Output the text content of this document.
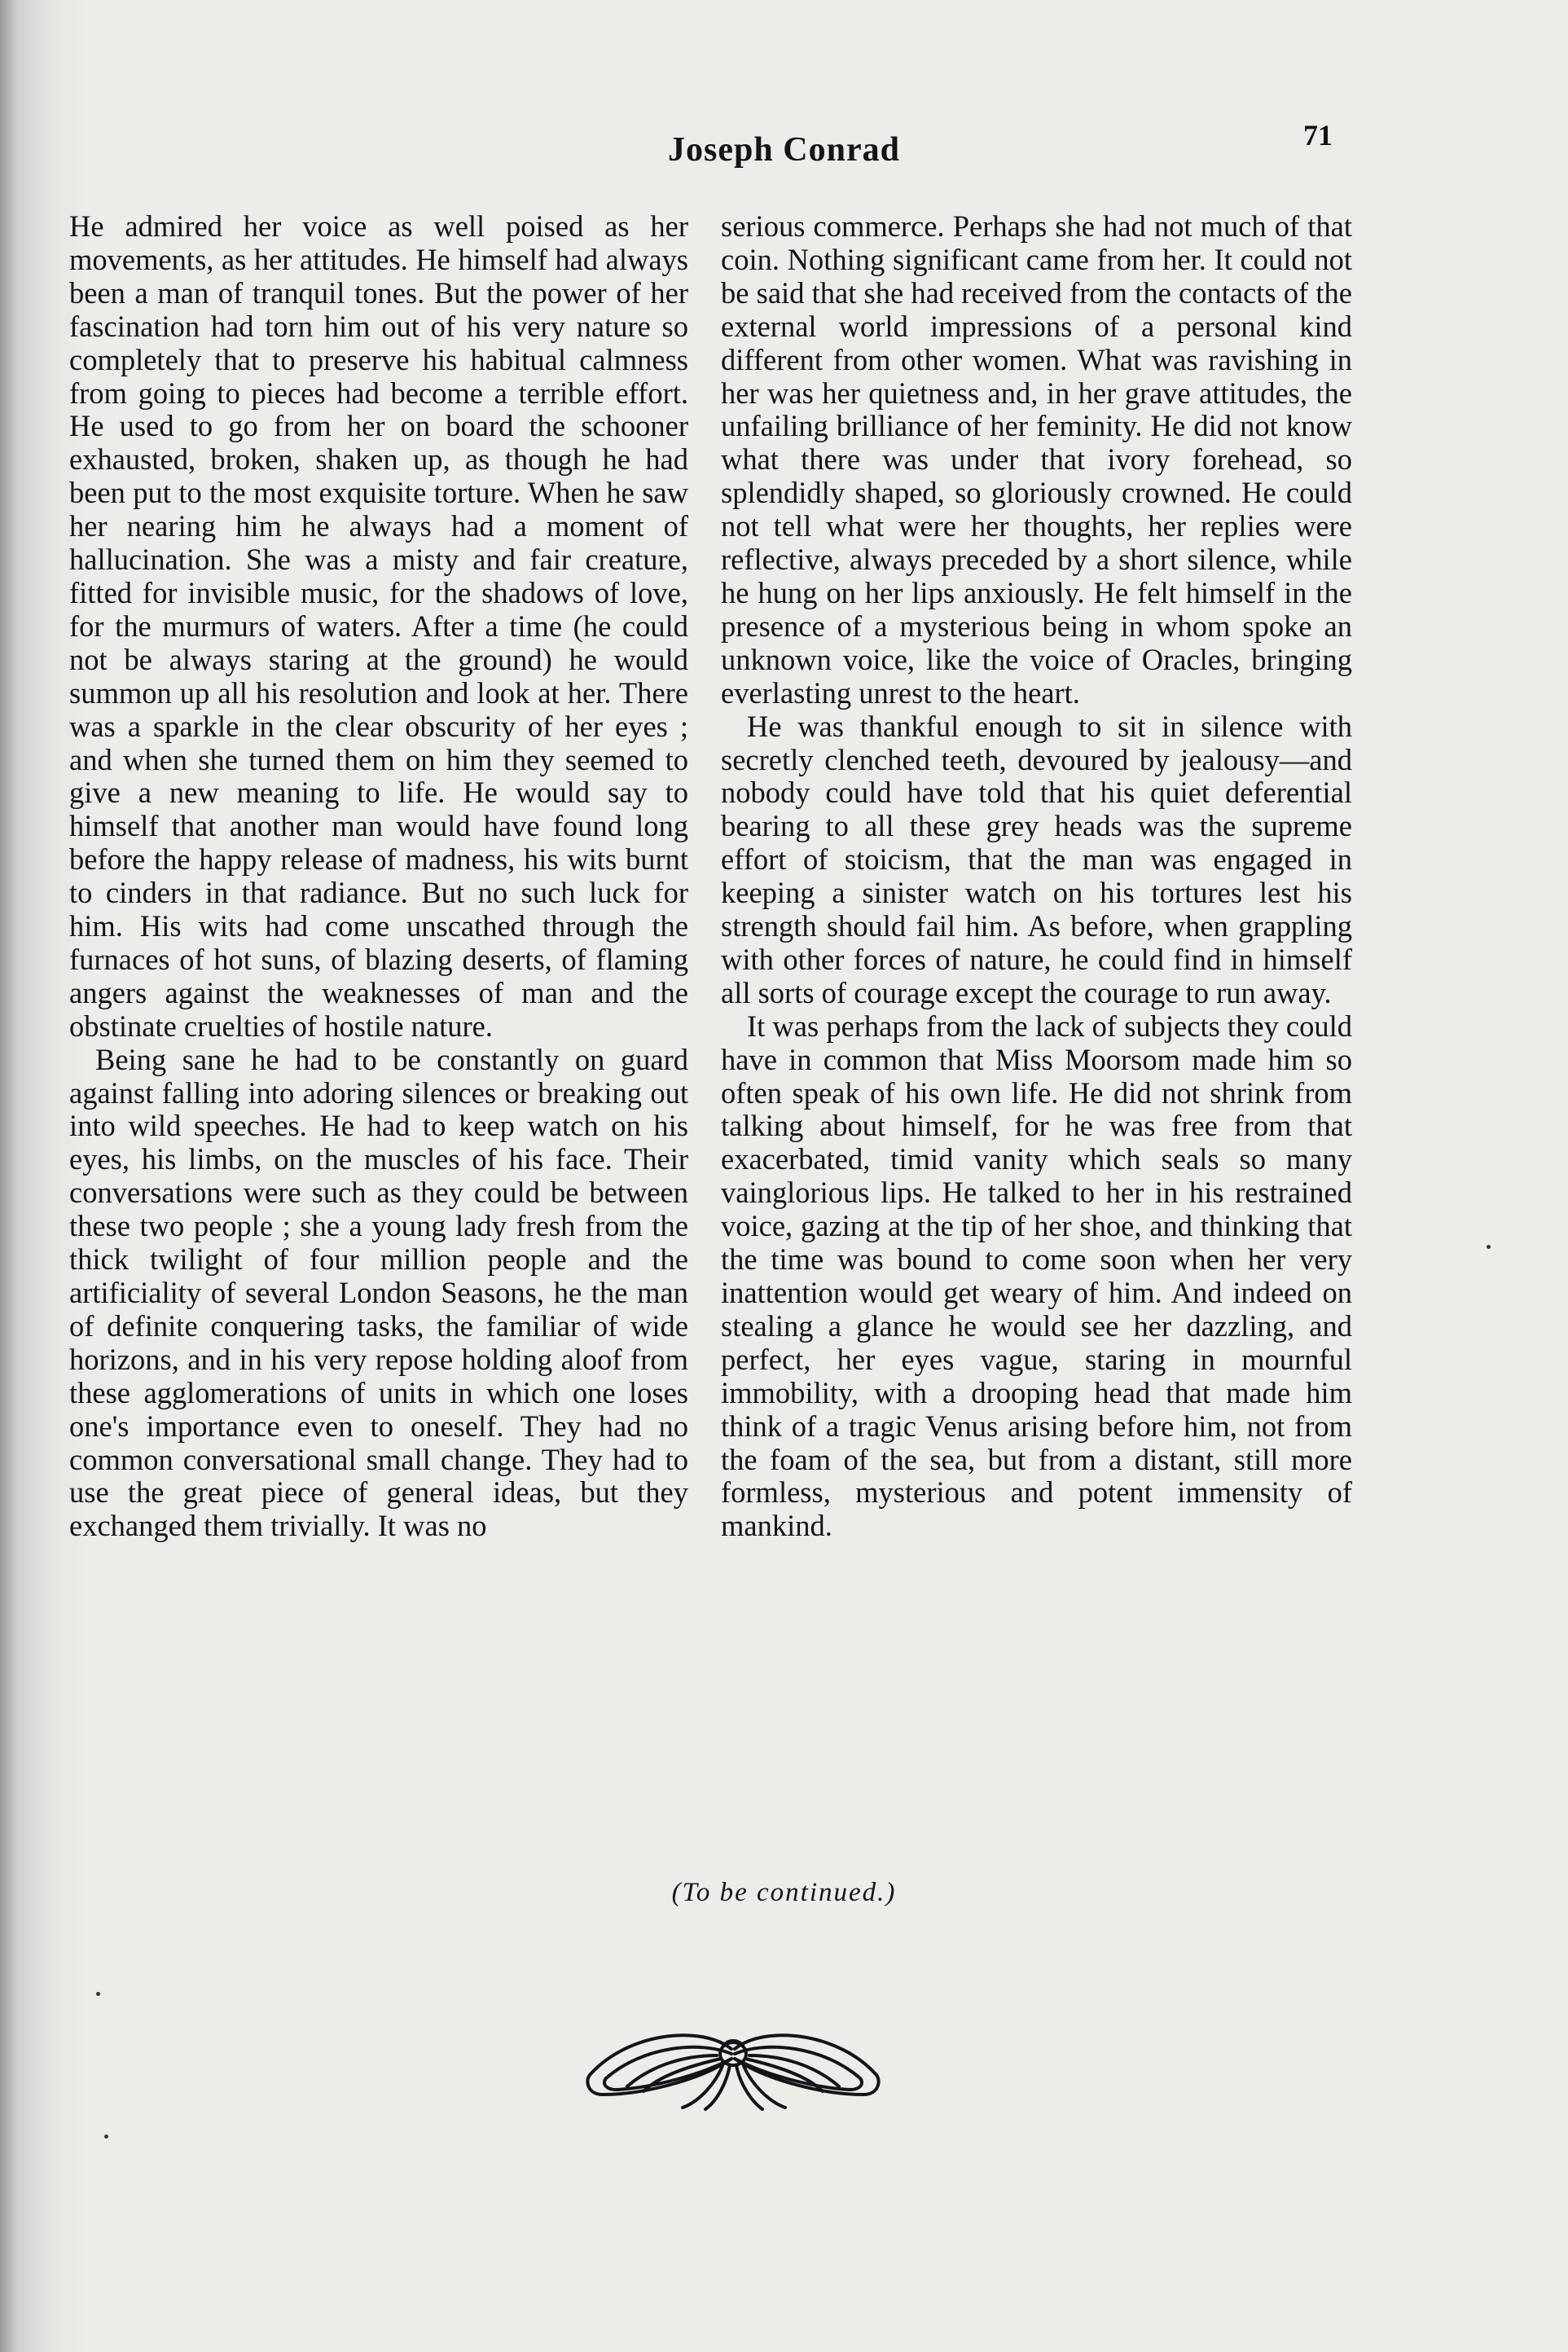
Joseph Conrad	71

He admired her voice as well poised as her movements, as her attitudes. He himself had always been a man of tranquil tones. But the power of her fascination had torn him out of his very nature so completely that to preserve his habitual calmness from going to pieces had become a terrible effort. He used to go from her on board the schooner exhausted, broken, shaken up, as though he had been put to the most exquisite torture. When he saw her nearing him he always had a moment of hallucination. She was a misty and fair creature, fitted for invisible music, for the shadows of love, for the murmurs of waters. After a time (he could not be always staring at the ground) he would summon up all his resolution and look at her. There was a sparkle in the clear obscurity of her eyes ; and when she turned them on him they seemed to give a new meaning to life. He would say to himself that another man would have found long before the happy release of madness, his wits burnt to cinders in that radiance. But no such luck for him. His wits had come unscathed through the furnaces of hot suns, of blazing deserts, of flaming angers against the weaknesses of man and the obstinate cruelties of hostile nature.

Being sane he had to be constantly on guard against falling into adoring silences or breaking out into wild speeches. He had to keep watch on his eyes, his limbs, on the muscles of his face. Their conversations were such as they could be between these two people ; she a young lady fresh from the thick twilight of four million people and the artificiality of several London Seasons, he the man of definite conquering tasks, the familiar of wide horizons, and in his very repose holding aloof from these agglomerations of units in which one loses one's importance even to oneself. They had no common conversational small change. They had to use the great piece of general ideas, but they exchanged them trivially. It was no

serious commerce. Perhaps she had not much of that coin. Nothing significant came from her. It could not be said that she had received from the contacts of the external world impressions of a personal kind different from other women. What was ravishing in her was her quietness and, in her grave attitudes, the unfailing brilliance of her feminity. He did not know what there was under that ivory forehead, so splendidly shaped, so gloriously crowned. He could not tell what were her thoughts, her replies were reflective, always preceded by a short silence, while he hung on her lips anxiously. He felt himself in the presence of a mysterious being in whom spoke an unknown voice, like the voice of Oracles, bringing everlasting unrest to the heart.

He was thankful enough to sit in silence with secretly clenched teeth, devoured by jealousy—and nobody could have told that his quiet deferential bearing to all these grey heads was the supreme effort of stoicism, that the man was engaged in keeping a sinister watch on his tortures lest his strength should fail him. As before, when grappling with other forces of nature, he could find in himself all sorts of courage except the courage to run away.

It was perhaps from the lack of subjects they could have in common that Miss Moorsom made him so often speak of his own life. He did not shrink from talking about himself, for he was free from that exacerbated, timid vanity which seals so many vainglorious lips. He talked to her in his restrained voice, gazing at the tip of her shoe, and thinking that the time was bound to come soon when her very inattention would get weary of him. And indeed on stealing a glance he would see her dazzling, and perfect, her eyes vague, staring in mournful immobility, with a drooping head that made him think of a tragic Venus arising before him, not from the foam of the sea, but from a distant, still more formless, mysterious and potent immensity of mankind.

(To be continued.)
